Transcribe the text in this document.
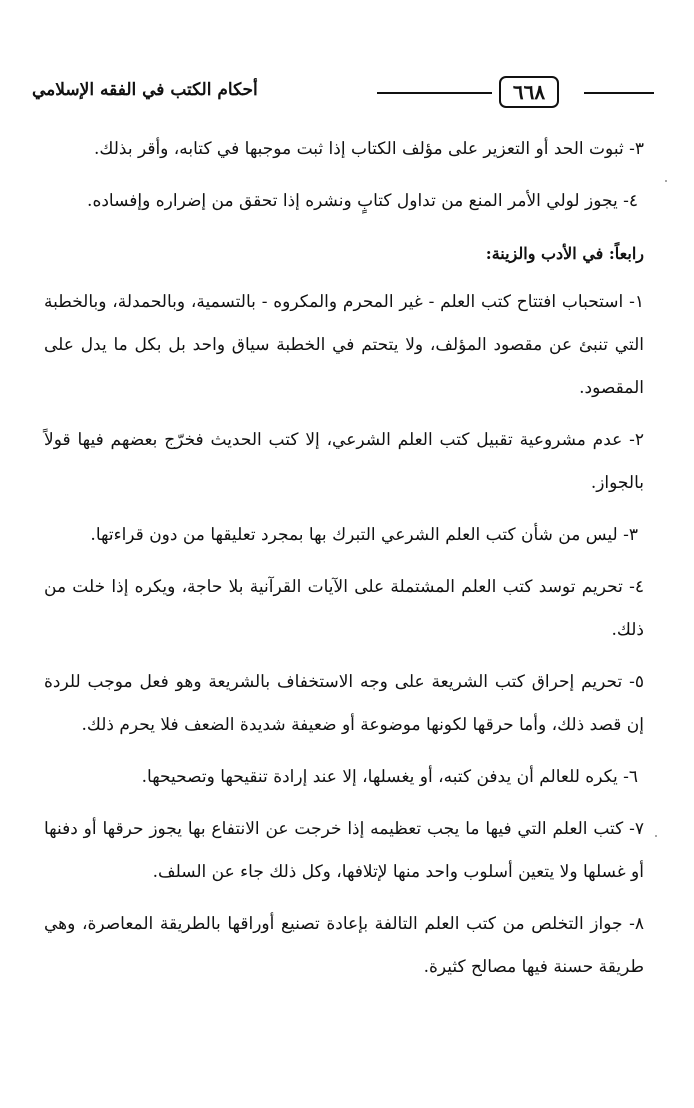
٦٦٨
أحكام الكتب في الفقه الإسلامي

٣- ثبوت الحد أو التعزير على مؤلف الكتاب إذا ثبت موجبها في كتابه، وأقر بذلك.

٤- يجوز لولي الأمر المنع من تداول كتابٍ ونشره إذا تحقق من إضراره وإفساده.

رابعاً: في الأدب والزينة:

١- استحباب افتتاح كتب العلم - غير المحرم والمكروه - بالتسمية، وبالحمدلة، وبالخطبة التي تنبئ عن مقصود المؤلف، ولا يتحتم في الخطبة سياق واحد بل بكل ما يدل على المقصود.

٢- عدم مشروعية تقبيل كتب العلم الشرعي، إلا كتب الحديث فخرّج بعضهم فيها قولاً بالجواز.

٣- ليس من شأن كتب العلم الشرعي التبرك بها بمجرد تعليقها من دون قراءتها.

٤- تحريم توسد كتب العلم المشتملة على الآيات القرآنية بلا حاجة، ويكره إذا خلت من ذلك.

٥- تحريم إحراق كتب الشريعة على وجه الاستخفاف بالشريعة وهو فعل موجب للردة إن قصد ذلك، وأما حرقها لكونها موضوعة أو ضعيفة شديدة الضعف فلا يحرم ذلك.

٦- يكره للعالم أن يدفن كتبه، أو يغسلها، إلا عند إرادة تنقيحها وتصحيحها.

٧- كتب العلم التي فيها ما يجب تعظيمه إذا خرجت عن الانتفاع بها يجوز حرقها أو دفنها أو غسلها ولا يتعين أسلوب واحد منها لإتلافها، وكل ذلك جاء عن السلف.

٨- جواز التخلص من كتب العلم التالفة بإعادة تصنيع أوراقها بالطريقة المعاصرة، وهي طريقة حسنة فيها مصالح كثيرة.
